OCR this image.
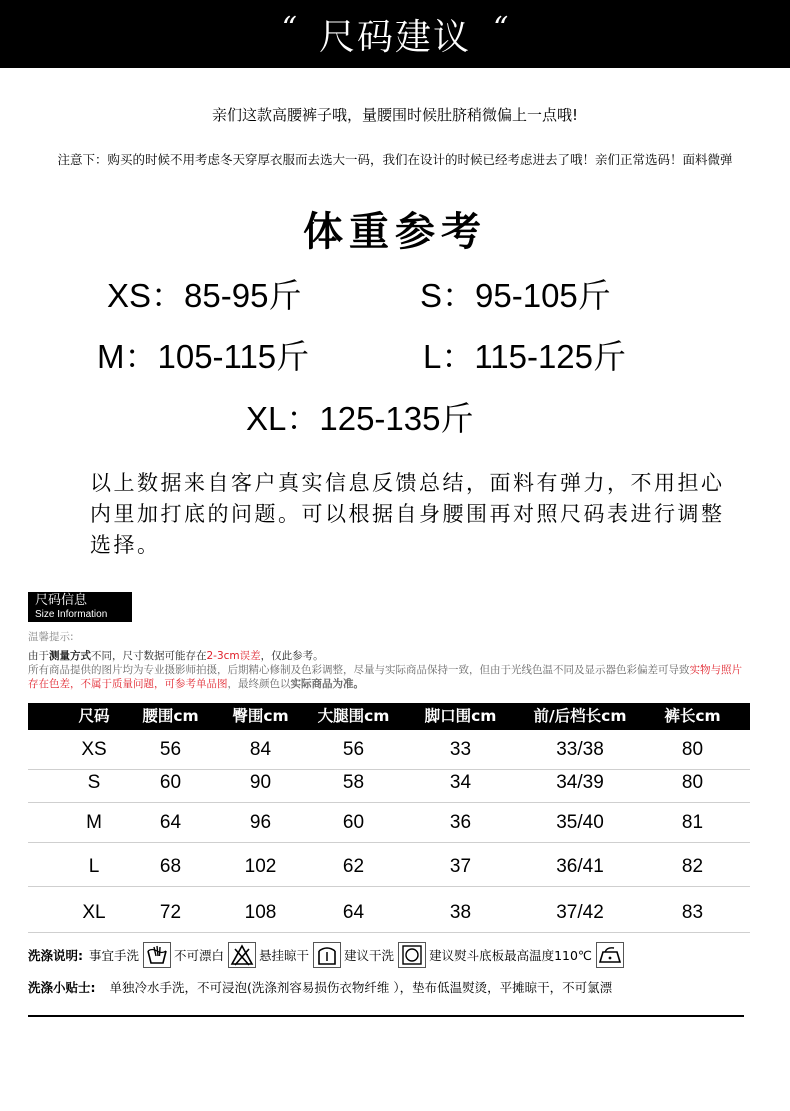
“ 尺码建议 “
亲们这款高腰裤子哦，量腰围时候肚脐稍微偏上一点哦!
注意下：购买的时候不用考虑冬天穿厚衣服而去选大一码，我们在设计的时候已经考虑进去了哦！亲们正常选码！面料微弹
体重参考
XS：85-95斤	S：95-105斤
M：105-115斤	L：115-125斤
XL：125-135斤
以上数据来自客户真实信息反馈总结，面料有弹力，不用担心内里加打底的问题。可以根据自身腰围再对照尺码表进行调整选择。
尺码信息
Size Information
温馨提示:
由于测量方式不同，尺寸数据可能存在2-3cm误差，仅此参考。
所有商品提供的图片均为专业摄影师拍摄，后期精心修制及色彩调整，尽量与实际商品保持一致，但由于光线色温不同及显示器色彩偏差可导致实物与照片存在色差，不属于质量问题，可参考单品图，最终颜色以实际商品为准。
尺码	腰围cm	臀围cm	大腿围cm	脚口围cm	前/后档长cm	裤长cm
XS	56	84	56	33	33/38	80
S	60	90	58	34	34/39	80
M	64	96	60	36	35/40	81
L	68	102	62	37	36/41	82
XL	72	108	64	38	37/42	83
洗涤说明: 事宜手洗	不可漂白	悬挂晾干	建议干洗	建议熨斗底板最高温度110℃
洗涤小贴士: 单独冷水手洗，不可浸泡(洗涤剂容易损伤衣物纤维 ），垫布低温熨烫，平摊晾干，不可氯漂
